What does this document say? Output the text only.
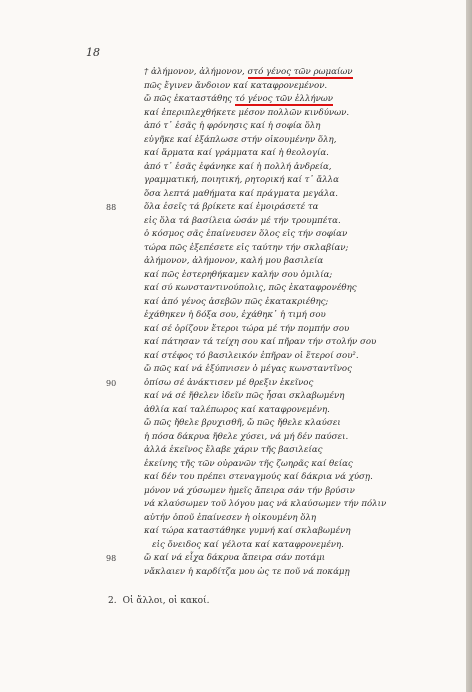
18
† ἀλήμονον, ἀλήμονον, στό γένος τῶν ρωμαίων
πῶς ἔγινεν ἄνδοιον καί καταφρονεμένον.
ὤ πῶς ἐκαταστάθης τό γένος τῶν ἐλλήνων
καί ἐπεριπλεχθήκετε μέσον πολλῶν κινδύνων.
ἀπό τ᾽ ἐσᾶς ἡ φρόνησις καί ἡ σοφία ὅλη
εὐγῆκε καί ἐξάπλωσε στήν οἰκουμένην ὅλη,
καί ἅρματα καί γράμματα καί ἡ θεολογία.
ἀπό τ᾽ ἐσᾶς ἐφάνηκε καί ἡ πολλή ἀνδρεία,
γραμματική, ποιητική, ρητορική καί τ᾽ ἄλλα
ὅσα λεπτά μαθήματα καί πράγματα μεγάλα.
88	ὅλα ἐσεῖς τά βρίκετε καί ἐμοιράσετέ τα
εἰς ὅλα τά βασίλεια ὡσάν μέ τήν τρουμπέτα.
ὁ κόσμος σᾶς ἐπαίνευσεν ὅλος εἰς τήν σοφίαν
τώρα πῶς ἐξεπέσετε εἰς ταύτην τήν σκλαβίαν;
ἀλήμονον, ἀλήμονον, καλή μου βασιλεία
καί πῶς ἐστερηθήκαμεν καλήν σου ὁμιλία;
καί σύ κωνσταντινούπολις, πῶς ἐκαταφρονέθης
καί ἀπό γένος ἀσεβῶν πῶς ἐκατακριέθης;
ἐχάθηκεν ἡ δόξα σου, ἐχάθηκ᾽ ἡ τιμή σου
καί σέ ὁρίζουν ἕτεροι τώρα μέ τήν πομπήν σου
καί πάτησαν τά τείχη σου καί πῆραν τήν στολήν σου
καί στέφος τό βασιλεικόν ἐπῆραν οἱ ἕτεροί σου².
ὤ πῶς καί νά ἐξύπνισεν ὁ μέγας κωνσταντῖνος
90	ὁπίσω σέ ἀνάκτισεν μέ θρεξιν ἐκεῖνος
καί νά σέ ἤθελεν ἰδεῖν πῶς ἦσαι σκλαβωμένη
ἀθλία καί ταλέπωρος καί καταφρονεμένη.
ὤ πῶς ἤθελε βρυχισθῆ, ὤ πῶς ἤθελε κλαύσει
ἡ πόσα δάκρυα ἤθελε χύσει, νά μή δέν παύσει.
ἀλλά ἐκεῖνος ἔλαβε χάριν τῆς βασιλείας
ἐκείνης τῆς τῶν οὐρανῶν τῆς ζωηρᾶς καί θείας
καί δέν του πρέπει στεναγμούς καί δάκρια νά χύσῃ.
μόνον νά χύσωμεν ἡμεῖς ἄπειρα σάν τήν βρύσιν
νά κλαύσωμεν τοῦ λόγου μας νά κλαύσωμεν τήν πόλιν
αὐτήν ὁποῦ ἐπαίνεσεν ἡ οἰκουμένη ὅλη
καί τώρα καταστάθηκε γυμνή καί σκλαβωμένη
εἰς ὄνειδος καί γέλοτα καί καταφρονεμένη.
98	ὤ καί νά εἶχα δάκρυα ἄπειρα σάν ποτάμι
νἄκλαιεν ἡ καρδίτζα μου ὡς τε ποῦ νά ποκάμῃ
2. Οἱ ἄλλοι, οἱ κακοί.
